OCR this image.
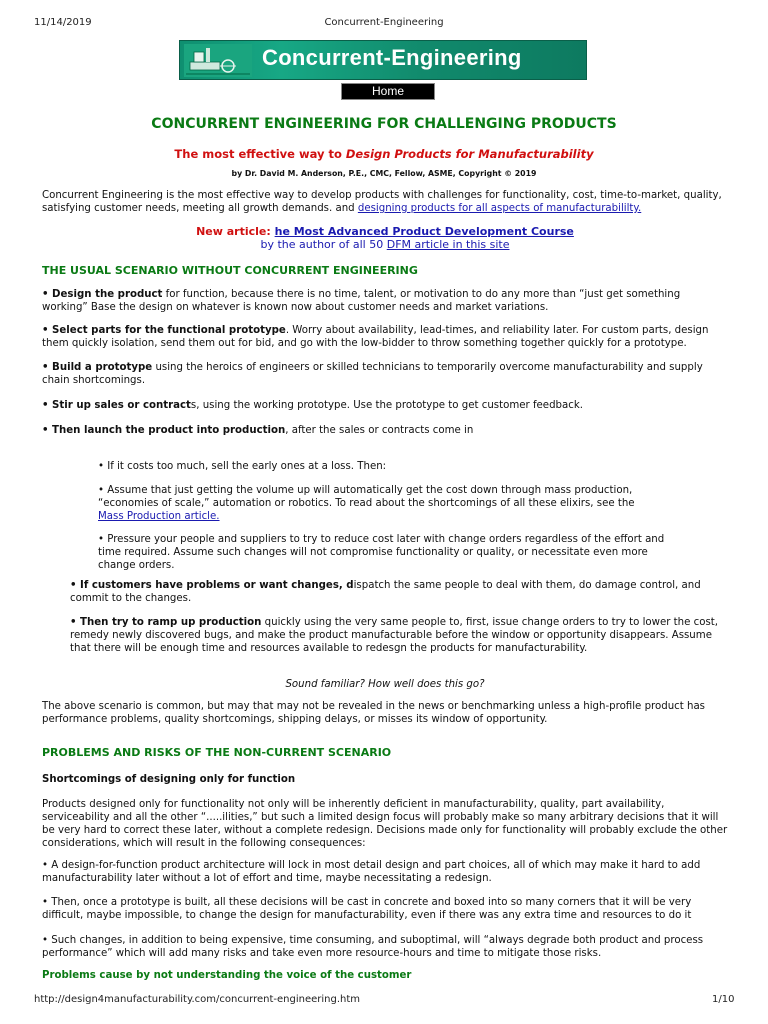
11/14/2019	Concurrent-Engineering
Concurrent-Engineering
Home
CONCURRENT ENGINEERING FOR CHALLENGING PRODUCTS
The most effective way to Design Products for Manufacturability
by Dr. David M. Anderson, P.E., CMC, Fellow, ASME, Copyright © 2019

Concurrent Engineering is the most effective way to develop products with challenges for functionality, cost, time-to-market, quality, satisfying customer needs, meeting all growth demands. and designing products for all aspects of manufacturabililty.

New article: he Most Advanced Product Development Course

by the author of all 50 DFM article in this site

THE USUAL SCENARIO WITHOUT CONCURRENT ENGINEERING

• Design the product for function, because there is no time, talent, or motivation to do any more than “just get something working” Base the design on whatever is known now about customer needs and market variations.

• Select parts for the functional prototype. Worry about availability, lead-times, and reliability later. For custom parts, design them quickly isolation, send them out for bid, and go with the low-bidder to throw something together quickly for a prototype.

• Build a prototype using the heroics of engineers or skilled technicians to temporarily overcome manufacturability and supply chain shortcomings.

• Stir up sales or contracts, using the working prototype. Use the prototype to get customer feedback.

• Then launch the product into production, after the sales or contracts come in

• If it costs too much, sell the early ones at a loss. Then:

• Assume that just getting the volume up will automatically get the cost down through mass production, “economies of scale,” automation or robotics. To read about the shortcomings of all these elixirs, see the Mass Production article.

• Pressure your people and suppliers to try to reduce cost later with change orders regardless of the effort and time required. Assume such changes will not compromise functionality or quality, or necessitate even more change orders.

• If customers have problems or want changes, dispatch the same people to deal with them, do damage control, and commit to the changes.

• Then try to ramp up production quickly using the very same people to, first, issue change orders to try to lower the cost, remedy newly discovered bugs, and make the product manufacturable before the window or opportunity disappears. Assume that there will be enough time and resources available to redesgn the products for manufacturability.

Sound familiar? How well does this go?

The above scenario is common, but may that may not be revealed in the news or benchmarking unless a high-profile product has performance problems, quality shortcomings, shipping delays, or misses its window of opportunity.

PROBLEMS AND RISKS OF THE NON-CURRENT SCENARIO

Shortcomings of designing only for function

Products designed only for functionality not only will be inherently deficient in manufacturability, quality, part availability, serviceability and all the other “.....ilities,” but such a limited design focus will probably make so many arbitrary decisions that it will be very hard to correct these later, without a complete redesign. Decisions made only for functionality will probably exclude the other considerations, which will result in the following consequences:

• A design-for-function product architecture will lock in most detail design and part choices, all of which may make it hard to add manufacturability later without a lot of effort and time, maybe necessitating a redesign.

• Then, once a prototype is built, all these decisions will be cast in concrete and boxed into so many corners that it will be very difficult, maybe impossible, to change the design for manufacturability, even if there was any extra time and resources to do it

• Such changes, in addition to being expensive, time consuming, and suboptimal, will “always degrade both product and process performance” which will add many risks and take even more resource-hours and time to mitigate those risks.

Problems cause by not understanding the voice of the customer

http://design4manufacturability.com/concurrent-engineering.htm	1/10
